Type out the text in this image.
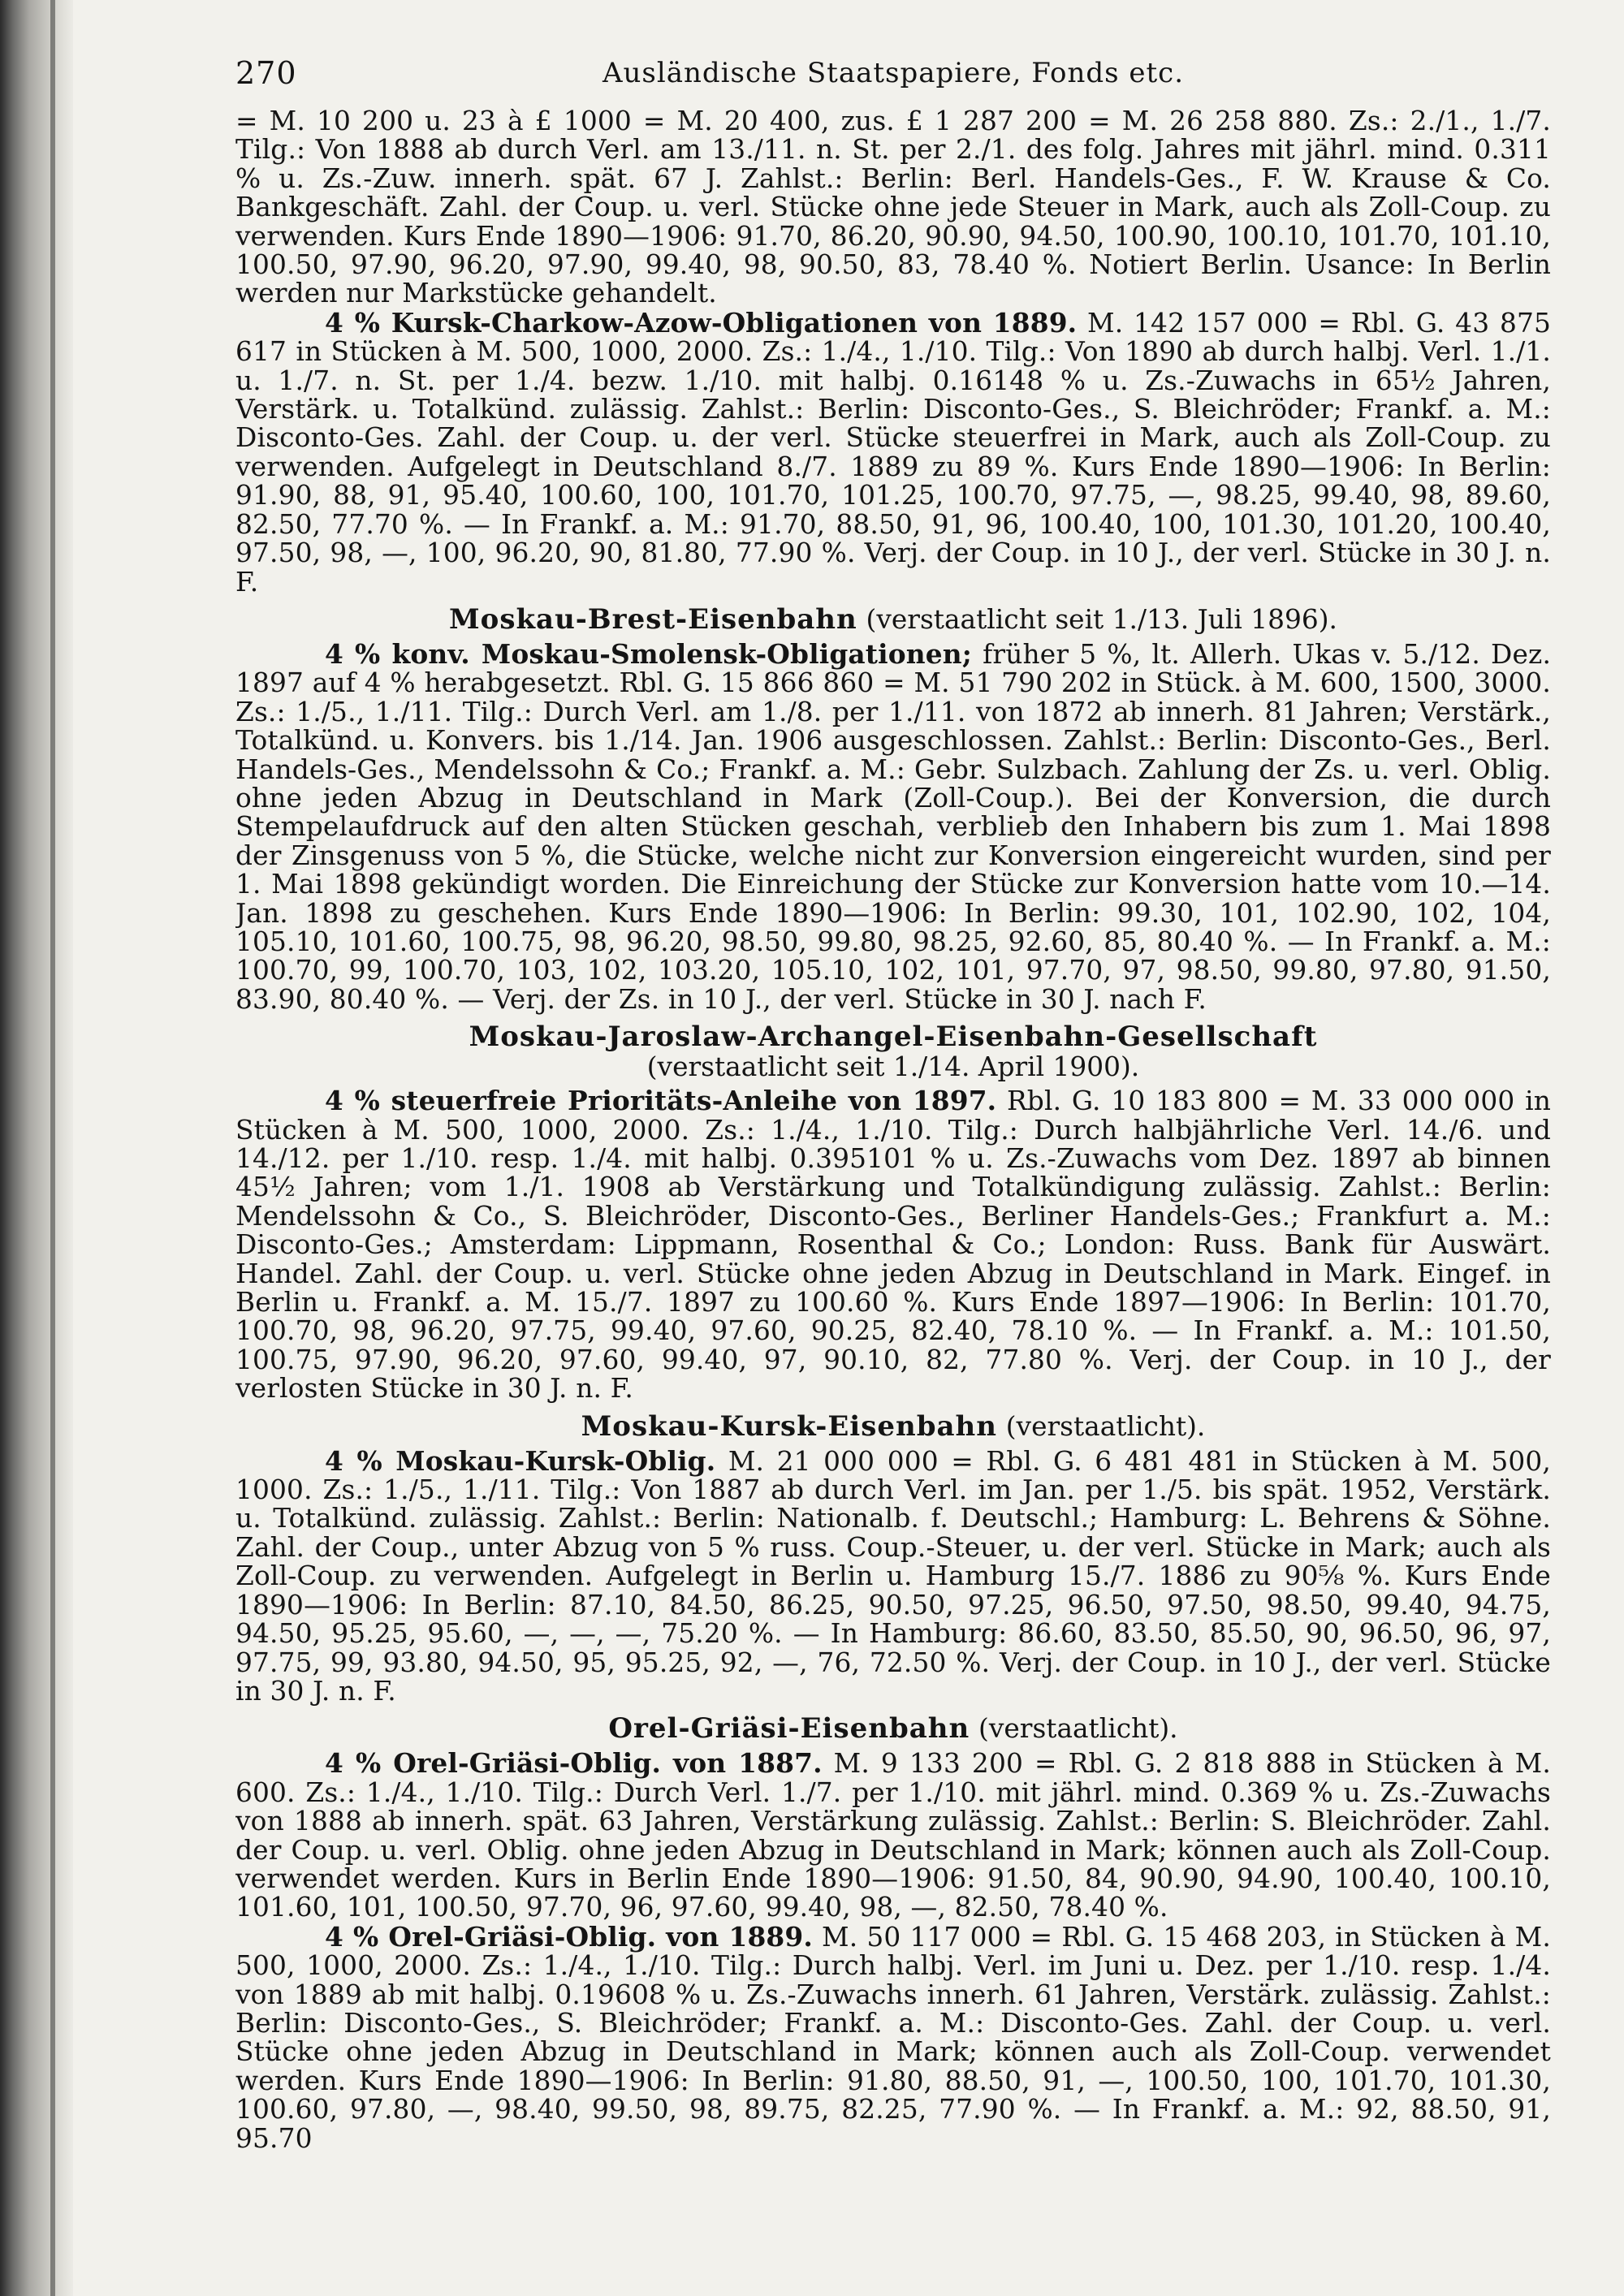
270	Ausländische Staatspapiere, Fonds etc.

= M. 10 200 u. 23 à £ 1000 = M. 20 400, zus. £ 1 287 200 = M. 26 258 880. Zs.: 2./1., 1./7. Tilg.: Von 1888 ab durch Verl. am 13./11. n. St. per 2./1. des folg. Jahres mit jährl. mind. 0.311 % u. Zs.-Zuw. innerh. spät. 67 J. Zahlst.: Berlin: Berl. Handels-Ges., F. W. Krause & Co. Bankgeschäft. Zahl. der Coup. u. verl. Stücke ohne jede Steuer in Mark, auch als Zoll-Coup. zu verwenden. Kurs Ende 1890—1906: 91.70, 86.20, 90.90, 94.50, 100.90, 100.10, 101.70, 101.10, 100.50, 97.90, 96.20, 97.90, 99.40, 98, 90.50, 83, 78.40 %. Notiert Berlin. Usance: In Berlin werden nur Markstücke gehandelt.

4 % Kursk-Charkow-Azow-Obligationen von 1889. M. 142 157 000 = Rbl. G. 43 875 617 in Stücken à M. 500, 1000, 2000. Zs.: 1./4., 1./10. Tilg.: Von 1890 ab durch halbj. Verl. 1./1. u. 1./7. n. St. per 1./4. bezw. 1./10. mit halbj. 0.16148 % u. Zs.-Zuwachs in 65½ Jahren, Verstärk. u. Totalkünd. zulässig. Zahlst.: Berlin: Disconto-Ges., S. Bleichröder; Frankf. a. M.: Disconto-Ges. Zahl. der Coup. u. der verl. Stücke steuerfrei in Mark, auch als Zoll-Coup. zu verwenden. Aufgelegt in Deutschland 8./7. 1889 zu 89 %. Kurs Ende 1890—1906: In Berlin: 91.90, 88, 91, 95.40, 100.60, 100, 101.70, 101.25, 100.70, 97.75, —, 98.25, 99.40, 98, 89.60, 82.50, 77.70 %. — In Frankf. a. M.: 91.70, 88.50, 91, 96, 100.40, 100, 101.30, 101.20, 100.40, 97.50, 98, —, 100, 96.20, 90, 81.80, 77.90 %. Verj. der Coup. in 10 J., der verl. Stücke in 30 J. n. F.

Moskau-Brest-Eisenbahn (verstaatlicht seit 1./13. Juli 1896).

4 % konv. Moskau-Smolensk-Obligationen; früher 5 %, lt. Allerh. Ukas v. 5./12. Dez. 1897 auf 4 % herabgesetzt. Rbl. G. 15 866 860 = M. 51 790 202 in Stück. à M. 600, 1500, 3000. Zs.: 1./5., 1./11. Tilg.: Durch Verl. am 1./8. per 1./11. von 1872 ab innerh. 81 Jahren; Verstärk., Totalkünd. u. Konvers. bis 1./14. Jan. 1906 ausgeschlossen. Zahlst.: Berlin: Disconto-Ges., Berl. Handels-Ges., Mendelssohn & Co.; Frankf. a. M.: Gebr. Sulzbach. Zahlung der Zs. u. verl. Oblig. ohne jeden Abzug in Deutschland in Mark (Zoll-Coup.). Bei der Konversion, die durch Stempelaufdruck auf den alten Stücken geschah, verblieb den Inhabern bis zum 1. Mai 1898 der Zinsgenuss von 5 %, die Stücke, welche nicht zur Konversion eingereicht wurden, sind per 1. Mai 1898 gekündigt worden. Die Einreichung der Stücke zur Konversion hatte vom 10.—14. Jan. 1898 zu geschehen. Kurs Ende 1890—1906: In Berlin: 99.30, 101, 102.90, 102, 104, 105.10, 101.60, 100.75, 98, 96.20, 98.50, 99.80, 98.25, 92.60, 85, 80.40 %. — In Frankf. a. M.: 100.70, 99, 100.70, 103, 102, 103.20, 105.10, 102, 101, 97.70, 97, 98.50, 99.80, 97.80, 91.50, 83.90, 80.40 %. — Verj. der Zs. in 10 J., der verl. Stücke in 30 J. nach F.

Moskau-Jaroslaw-Archangel-Eisenbahn-Gesellschaft
(verstaatlicht seit 1./14. April 1900).

4 % steuerfreie Prioritäts-Anleihe von 1897. Rbl. G. 10 183 800 = M. 33 000 000 in Stücken à M. 500, 1000, 2000. Zs.: 1./4., 1./10. Tilg.: Durch halbjährliche Verl. 14./6. und 14./12. per 1./10. resp. 1./4. mit halbj. 0.395101 % u. Zs.-Zuwachs vom Dez. 1897 ab binnen 45½ Jahren; vom 1./1. 1908 ab Verstärkung und Totalkündigung zulässig. Zahlst.: Berlin: Mendelssohn & Co., S. Bleichröder, Disconto-Ges., Berliner Handels-Ges.; Frankfurt a. M.: Disconto-Ges.; Amsterdam: Lippmann, Rosenthal & Co.; London: Russ. Bank für Auswärt. Handel. Zahl. der Coup. u. verl. Stücke ohne jeden Abzug in Deutschland in Mark. Eingef. in Berlin u. Frankf. a. M. 15./7. 1897 zu 100.60 %. Kurs Ende 1897—1906: In Berlin: 101.70, 100.70, 98, 96.20, 97.75, 99.40, 97.60, 90.25, 82.40, 78.10 %. — In Frankf. a. M.: 101.50, 100.75, 97.90, 96.20, 97.60, 99.40, 97, 90.10, 82, 77.80 %. Verj. der Coup. in 10 J., der verlosten Stücke in 30 J. n. F.

Moskau-Kursk-Eisenbahn (verstaatlicht).

4 % Moskau-Kursk-Oblig. M. 21 000 000 = Rbl. G. 6 481 481 in Stücken à M. 500, 1000. Zs.: 1./5., 1./11. Tilg.: Von 1887 ab durch Verl. im Jan. per 1./5. bis spät. 1952, Verstärk. u. Totalkünd. zulässig. Zahlst.: Berlin: Nationalb. f. Deutschl.; Hamburg: L. Behrens & Söhne. Zahl. der Coup., unter Abzug von 5 % russ. Coup.-Steuer, u. der verl. Stücke in Mark; auch als Zoll-Coup. zu verwenden. Aufgelegt in Berlin u. Hamburg 15./7. 1886 zu 90⅝ %. Kurs Ende 1890—1906: In Berlin: 87.10, 84.50, 86.25, 90.50, 97.25, 96.50, 97.50, 98.50, 99.40, 94.75, 94.50, 95.25, 95.60, —, —, —, 75.20 %. — In Hamburg: 86.60, 83.50, 85.50, 90, 96.50, 96, 97, 97.75, 99, 93.80, 94.50, 95, 95.25, 92, —, 76, 72.50 %. Verj. der Coup. in 10 J., der verl. Stücke in 30 J. n. F.

Orel-Griäsi-Eisenbahn (verstaatlicht).

4 % Orel-Griäsi-Oblig. von 1887. M. 9 133 200 = Rbl. G. 2 818 888 in Stücken à M. 600. Zs.: 1./4., 1./10. Tilg.: Durch Verl. 1./7. per 1./10. mit jährl. mind. 0.369 % u. Zs.-Zuwachs von 1888 ab innerh. spät. 63 Jahren, Verstärkung zulässig. Zahlst.: Berlin: S. Bleichröder. Zahl. der Coup. u. verl. Oblig. ohne jeden Abzug in Deutschland in Mark; können auch als Zoll-Coup. verwendet werden. Kurs in Berlin Ende 1890—1906: 91.50, 84, 90.90, 94.90, 100.40, 100.10, 101.60, 101, 100.50, 97.70, 96, 97.60, 99.40, 98, —, 82.50, 78.40 %.

4 % Orel-Griäsi-Oblig. von 1889. M. 50 117 000 = Rbl. G. 15 468 203, in Stücken à M. 500, 1000, 2000. Zs.: 1./4., 1./10. Tilg.: Durch halbj. Verl. im Juni u. Dez. per 1./10. resp. 1./4. von 1889 ab mit halbj. 0.19608 % u. Zs.-Zuwachs innerh. 61 Jahren, Verstärk. zulässig. Zahlst.: Berlin: Disconto-Ges., S. Bleichröder; Frankf. a. M.: Disconto-Ges. Zahl. der Coup. u. verl. Stücke ohne jeden Abzug in Deutschland in Mark; können auch als Zoll-Coup. verwendet werden. Kurs Ende 1890—1906: In Berlin: 91.80, 88.50, 91, —, 100.50, 100, 101.70, 101.30, 100.60, 97.80, —, 98.40, 99.50, 98, 89.75, 82.25, 77.90 %. — In Frankf. a. M.: 92, 88.50, 91, 95.70
